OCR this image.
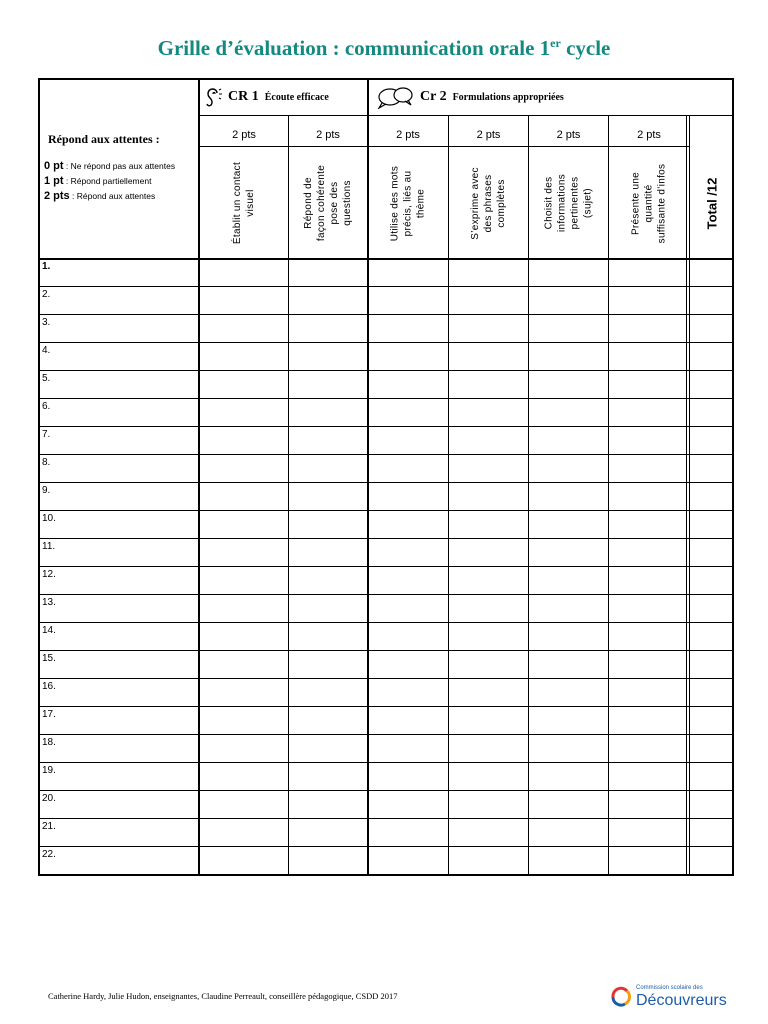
Grille d’évaluation : communication orale 1er cycle
CR 1 Écoute efficace	Cr 2 Formulations appropriées
Répond aux attentes :
0 pt : Ne répond pas aux attentes
1 pt : Répond partiellement
2 pts : Répond aux attentes
2 pts	2 pts	2 pts	2 pts	2 pts	2 pts
Établit un contact visuel	Répond de façon cohérente pose des questions	Utilise des mots précis, liés au thème	S’exprime avec des phrases complètes	Choisit des informations pertinentes (sujet)	Présente une quantité suffisante d’infos	Total /12
1.
2.
3.
4.
5.
6.
7.
8.
9.
10.
11.
12.
13.
14.
15.
16.
17.
18.
19.
20.
21.
22.
Catherine Hardy, Julie Hudon, enseignantes, Claudine Perreault, conseillère pédagogique, CSDD 2017
Commission scolaire des
Découvreurs
